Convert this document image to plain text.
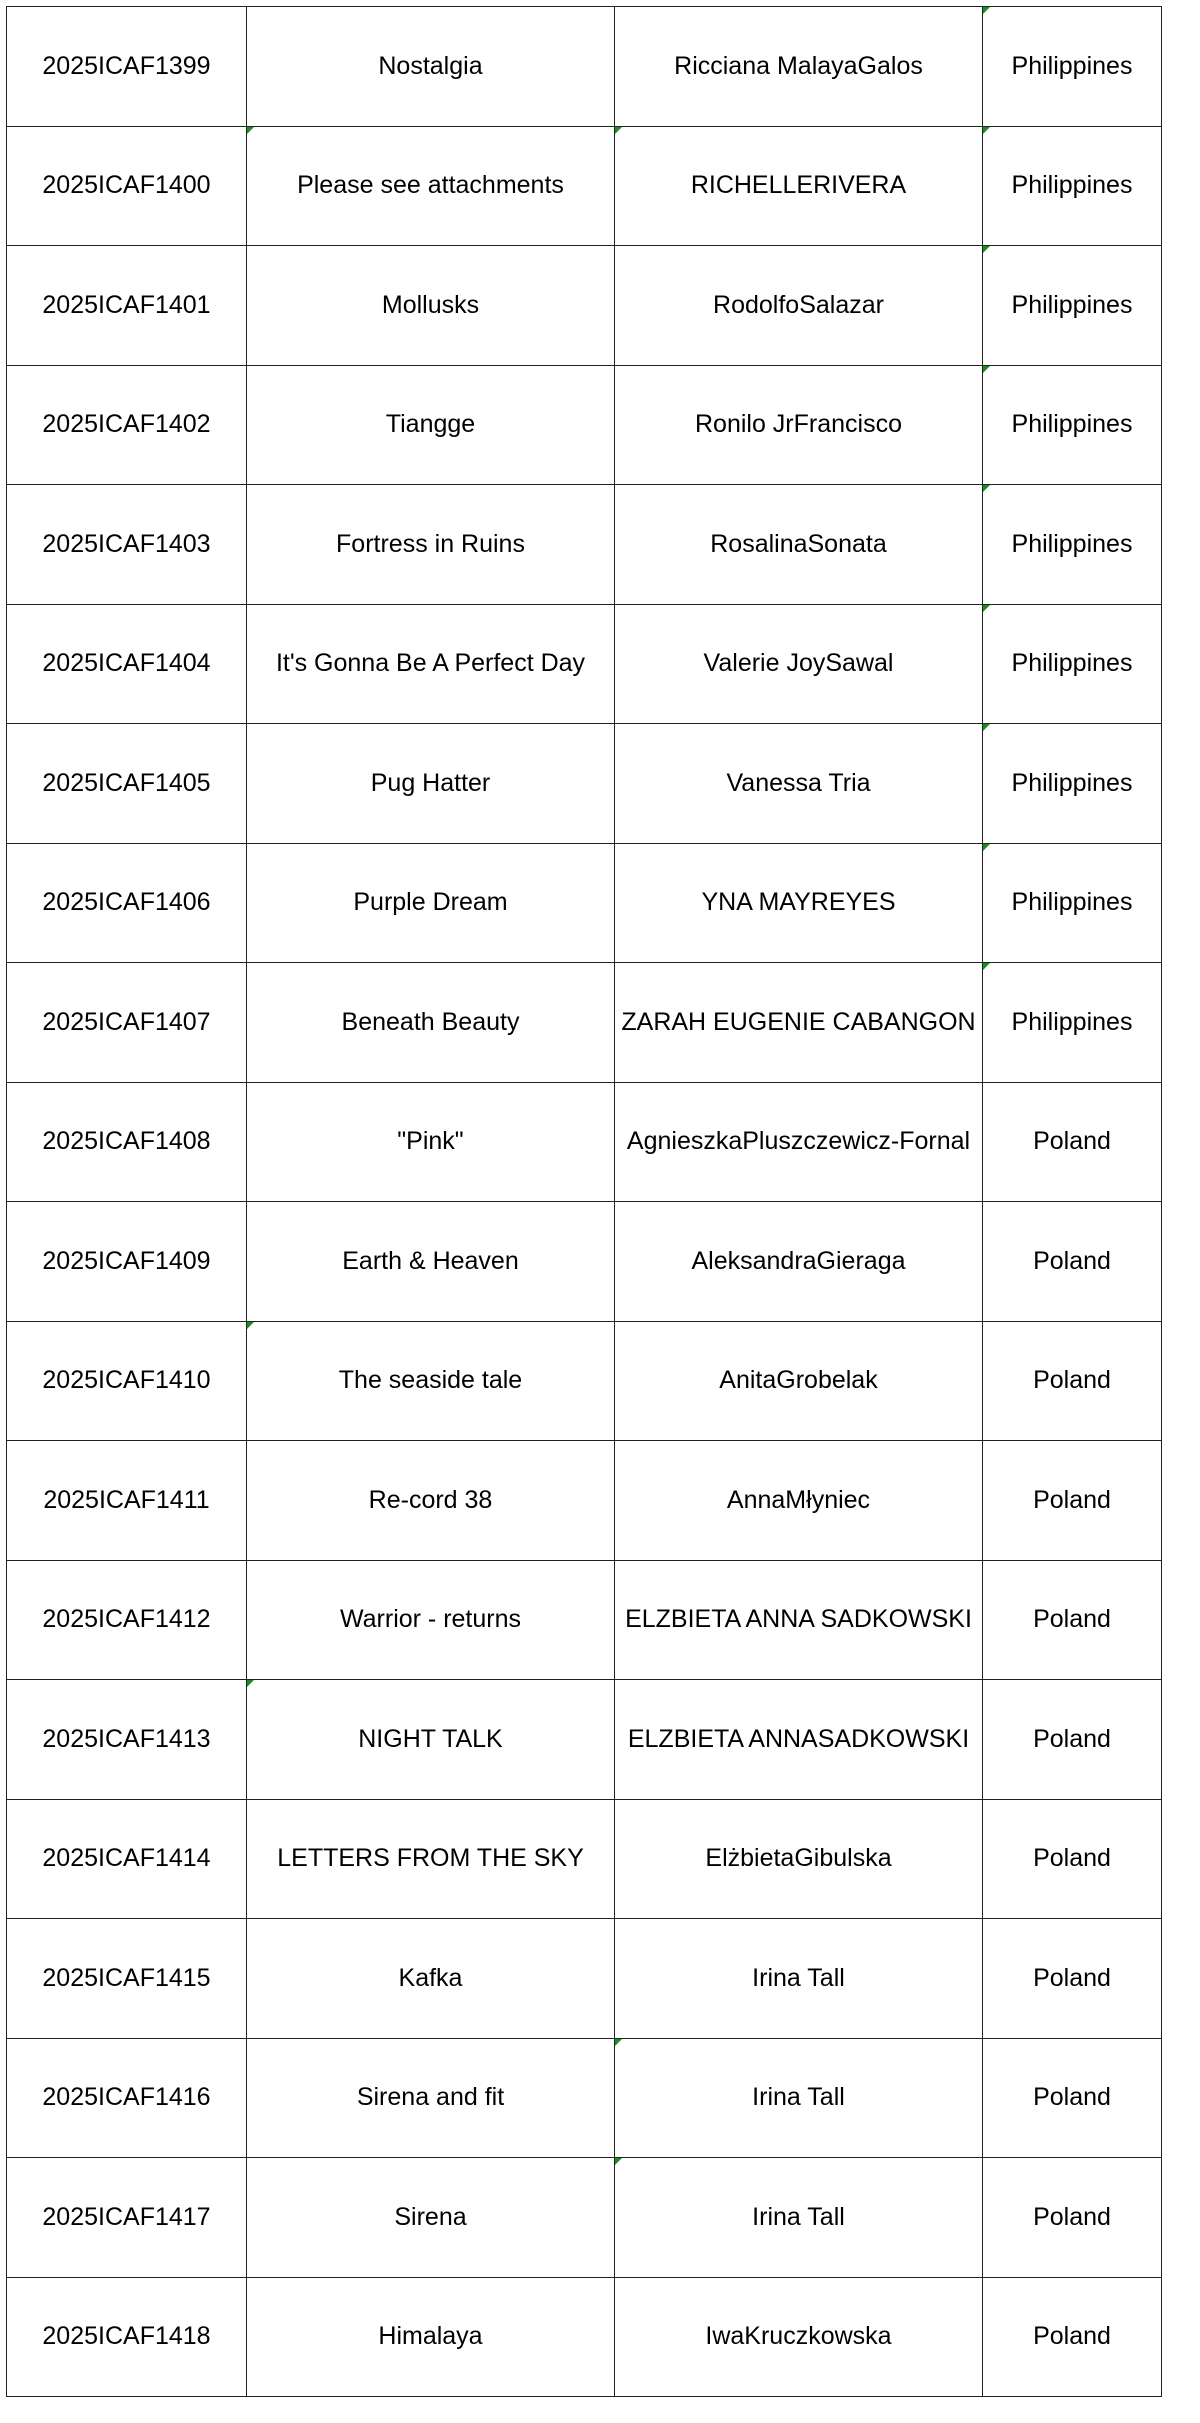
2025ICAF1399	Nostalgia	Ricciana MalayaGalos	Philippines
2025ICAF1400	Please see attachments	RICHELLERIVERA	Philippines
2025ICAF1401	Mollusks	RodolfoSalazar	Philippines
2025ICAF1402	Tiangge	Ronilo JrFrancisco	Philippines
2025ICAF1403	Fortress in Ruins	RosalinaSonata	Philippines
2025ICAF1404	It's Gonna Be A Perfect Day	Valerie JoySawal	Philippines
2025ICAF1405	Pug Hatter	Vanessa Tria	Philippines
2025ICAF1406	Purple Dream	YNA MAYREYES	Philippines
2025ICAF1407	Beneath Beauty	ZARAH EUGENIE CABANGON	Philippines
2025ICAF1408	"Pink"	AgnieszkaPluszczewicz-Fornal	Poland
2025ICAF1409	Earth & Heaven	AleksandraGieraga	Poland
2025ICAF1410	The seaside tale	AnitaGrobelak	Poland
2025ICAF1411	Re-cord 38	AnnaMłyniec	Poland
2025ICAF1412	Warrior - returns	ELZBIETA ANNA SADKOWSKI	Poland
2025ICAF1413	NIGHT TALK	ELZBIETA ANNASADKOWSKI	Poland
2025ICAF1414	LETTERS FROM THE SKY	ElżbietaGibulska	Poland
2025ICAF1415	Kafka	Irina Tall	Poland
2025ICAF1416	Sirena and fit	Irina Tall	Poland
2025ICAF1417	Sirena	Irina Tall	Poland
2025ICAF1418	Himalaya	IwaKruczkowska	Poland
